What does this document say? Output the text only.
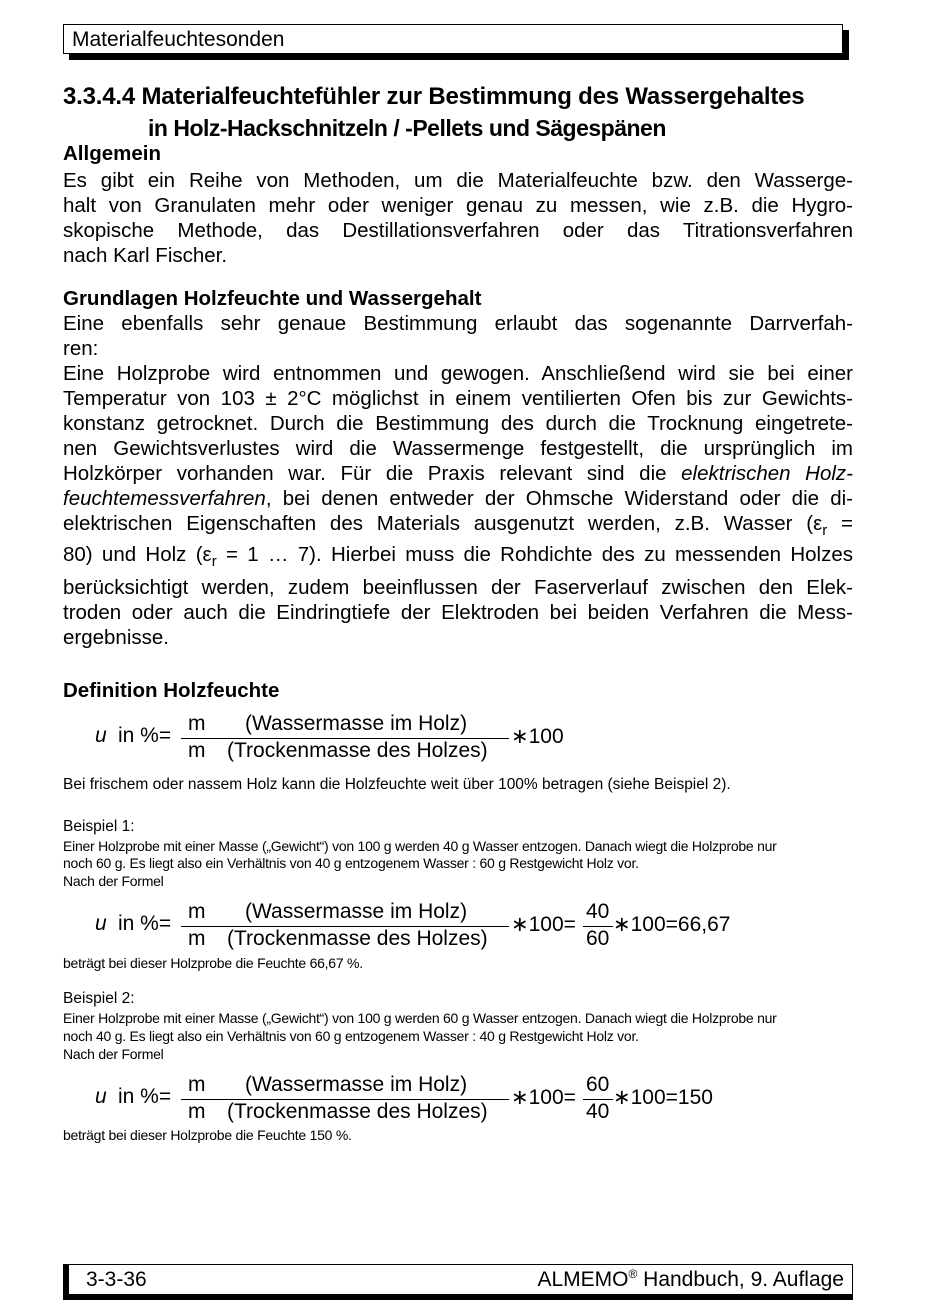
Materialfeuchtesonden
3.3.4.4 Materialfeuchtefühler zur Bestimmung des Wassergehaltes
in Holz-Hackschnitzeln / -Pellets und Sägespänen
Allgemein
Es gibt ein Reihe von Methoden, um die Materialfeuchte bzw. den Wasserge-
halt von Granulaten mehr oder weniger genau zu messen, wie z.B. die Hygro-
skopische Methode, das Destillationsverfahren oder das Titrationsverfahren
nach Karl Fischer.
Grundlagen Holzfeuchte und Wassergehalt
Eine ebenfalls sehr genaue Bestimmung erlaubt das sogenannte Darrverfah-
ren:
Eine Holzprobe wird entnommen und gewogen. Anschließend wird sie bei einer
Temperatur von 103 ± 2°C möglichst in einem ventilierten Ofen bis zur Gewichts-
konstanz getrocknet. Durch die Bestimmung des durch die Trocknung eingetrete-
nen Gewichtsverlustes wird die Wassermenge festgestellt, die ursprünglich im
Holzkörper vorhanden war. Für die Praxis relevant sind die elektrischen Holz-
feuchtemessverfahren, bei denen entweder der Ohmsche Widerstand oder die di-
elektrischen Eigenschaften des Materials ausgenutzt werden, z.B. Wasser ($\varepsilon_r$ =
80) und Holz ($\varepsilon_r = 1$ … 7). Hierbei muss die Rohdichte des zu messenden Holzes
berücksichtigt werden, zudem beeinflussen der Faserverlauf zwischen den Elek-
troden oder auch die Eindringtiefe der Elektroden bei beiden Verfahren die Mess-
ergebnisse.
Definition Holzfeuchte
u in %=
m (Wassermasse im Holz)
m (Trockenmasse des Holzes)
∗100
Bei frischem oder nassem Holz kann die Holzfeuchte weit über 100% betragen (siehe Beispiel 2).
Beispiel 1:
Einer Holzprobe mit einer Masse („Gewicht“) von 100 g werden 40 g Wasser entzogen. Danach wiegt die Holzprobe nur
noch 60 g. Es liegt also ein Verhältnis von 40 g entzogenem Wasser : 60 g Restgewicht Holz vor.
Nach der Formel
u in %=
m (Wassermasse im Holz)
m (Trockenmasse des Holzes)
∗100=
40
60
∗100=66,67
beträgt bei dieser Holzprobe die Feuchte 66,67 %.
Beispiel 2:
Einer Holzprobe mit einer Masse („Gewicht“) von 100 g werden 60 g Wasser entzogen. Danach wiegt die Holzprobe nur
noch 40 g. Es liegt also ein Verhältnis von 60 g entzogenem Wasser : 40 g Restgewicht Holz vor.
Nach der Formel
u in %=
m (Wassermasse im Holz)
m (Trockenmasse des Holzes)
∗100=
60
40
∗100=150
beträgt bei dieser Holzprobe die Feuchte 150 %.
3-3-36	ALMEMO® Handbuch, 9. Auflage
